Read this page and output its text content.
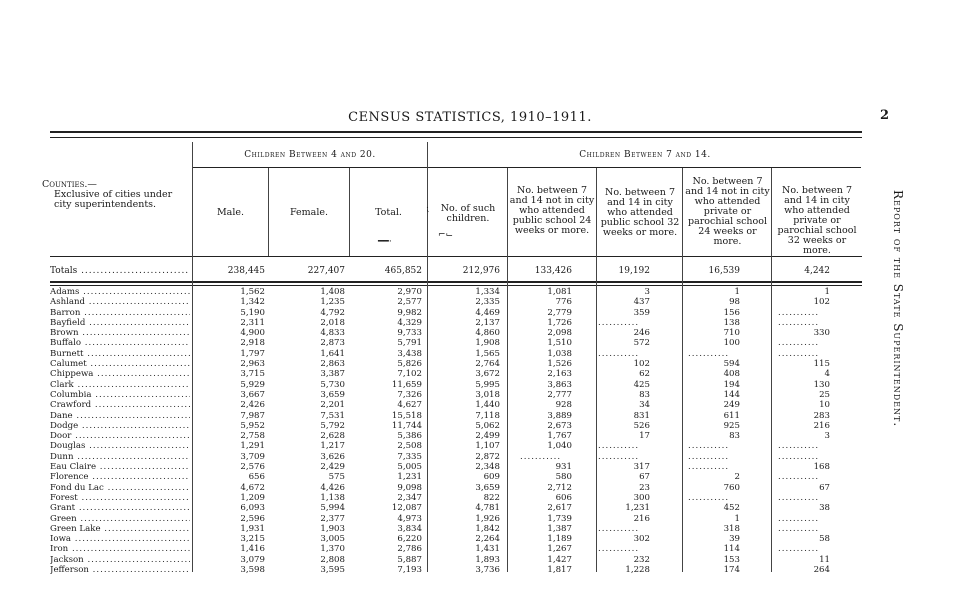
CENSUS STATISTICS, 1910–1911.	2
Report of the State Superintendent.
Counties.—
Exclusive of cities under city superintendents.
Children Between 4 and 20.	Children Between 7 and 14.
Male.	Female.	Total.	No. of such children.
No. between 7 and 14 not in city who attended public school 24 weeks or more.
No. between 7 and 14 in city who attended public school 32 weeks or more.
No. between 7 and 14 not in city who attended private or parochial school 24 weeks or more.
No. between 7 and 14 in city who attended private or parochial school 32 weeks or more.
━━·
⁏
⌐⌙
Totals .....	238,445	227,407	465,852	212,976	133,426	19,192	16,539	4,242
Adams .....	1,562	1,408	2,970	1,334	1,081	3	1	1
Ashland .....	1,342	1,235	2,577	2,335	776	437	98	102
Barron .....	5,190	4,792	9,982	4,469	2,779	359	156	...........
Bayfield .....	2,311	2,018	4,329	2,137	1,726	...........	138	...........
Brown .....	4,900	4,833	9,733	4,860	2,098	246	710	330
Buffalo .....	2,918	2,873	5,791	1,908	1,510	572	100	...........
Burnett .....	1,797	1,641	3,438	1,565	1,038	...........	...........	...........
Calumet .....	2,963	2,863	5,826	2,764	1,526	102	594	115
Chippewa .....	3,715	3,387	7,102	3,672	2,163	62	408	4
Clark .....	5,929	5,730	11,659	5,995	3,863	425	194	130
Columbia .....	3,667	3,659	7,326	3,018	2,777	83	144	25
Crawford .....	2,426	2,201	4,627	1,440	928	34	249	10
Dane .....	7,987	7,531	15,518	7,118	3,889	831	611	283
Dodge .....	5,952	5,792	11,744	5,062	2,673	526	925	216
Door .....	2,758	2,628	5,386	2,499	1,767	17	83	3
Douglas .....	1,291	1,217	2,508	1,107	1,040	...........	...........	...........
Dunn .....	3,709	3,626	7,335	2,872 ...........	...........	...........	...........
Eau Claire .....	2,576	2,429	5,005	2,348	931	317	...........	168
Florence .....	656	575	1,231	609	580	67	2	...........
Fond du Lac .....	4,672	4,426	9,098	3,659	2,712	23	760	67
Forest .....	1,209	1,138	2,347	822	606	300	...........	...........
Grant .....	6,093	5,994	12,087	4,781	2,617	1,231	452	38
Green .....	2,596	2,377	4,973	1,926	1,739	216	1	...........
Green Lake .....	1,931	1,903	3,834	1,842	1,387	...........	318	...........
Iowa .....	3,215	3,005	6,220	2,264	1,189	302	39	58
Iron .....	1,416	1,370	2,786	1,431	1,267	...........	114	...........
Jackson .....	3,079	2,808	5,887	1,893	1,427	232	153	11
Jefferson .....	3,598	3,595	7,193	3,736	1,817	1,228	174	264
